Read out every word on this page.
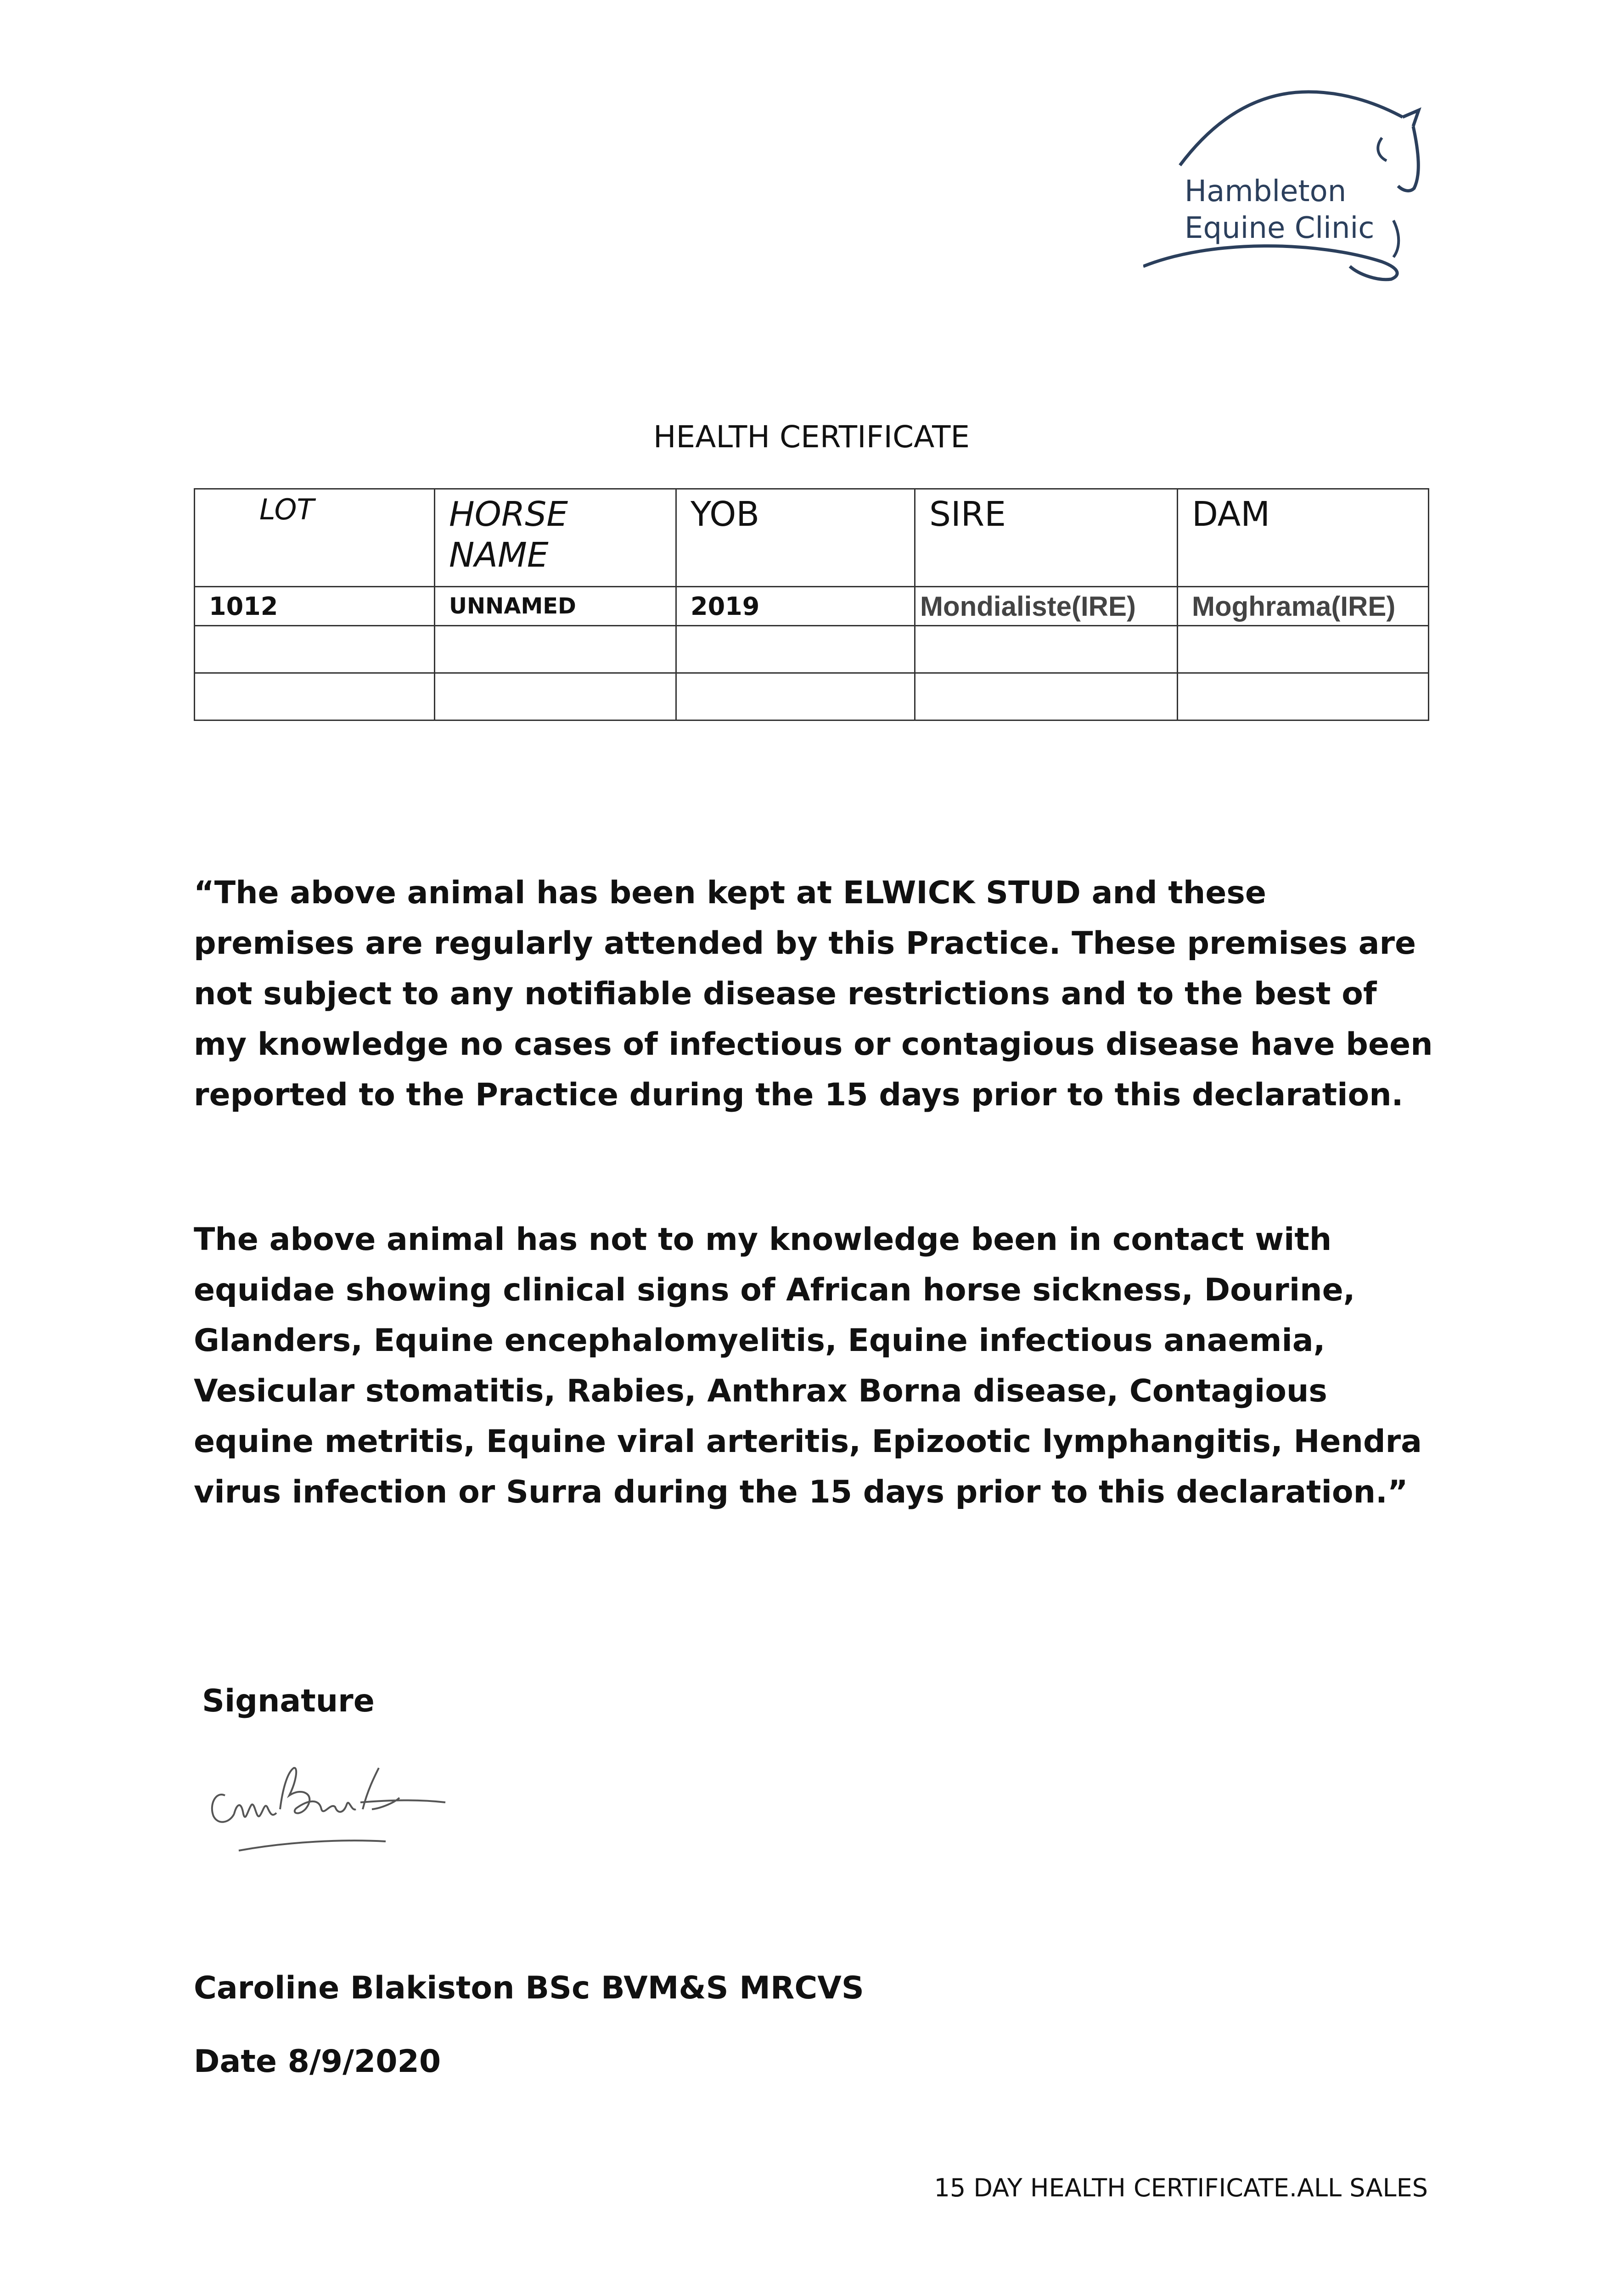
Hambleton
Equine Clinic
HEALTH CERTIFICATE
LOT	HORSE NAME	YOB	SIRE	DAM

1012	UNNAMED	2019	Mondialiste(IRE)	Moghrama(IRE)

“The above animal has been kept at ELWICK STUD and these premises are regularly attended by this Practice. These premises are not subject to any notifiable disease restrictions and to the best of my knowledge no cases of infectious or contagious disease have been reported to the Practice during the 15 days prior to this declaration.

The above animal has not to my knowledge been in contact with equidae showing clinical signs of African horse sickness, Dourine, Glanders, Equine encephalomyelitis, Equine infectious anaemia, Vesicular stomatitis, Rabies, Anthrax Borna disease, Contagious equine metritis, Equine viral arteritis, Epizootic lymphangitis, Hendra virus infection or Surra during the 15 days prior to this declaration.”

Signature
Caroline Blakiston BSc BVM&S MRCVS
Date 8/9/2020
15 DAY HEALTH CERTIFICATE.ALL SALES
